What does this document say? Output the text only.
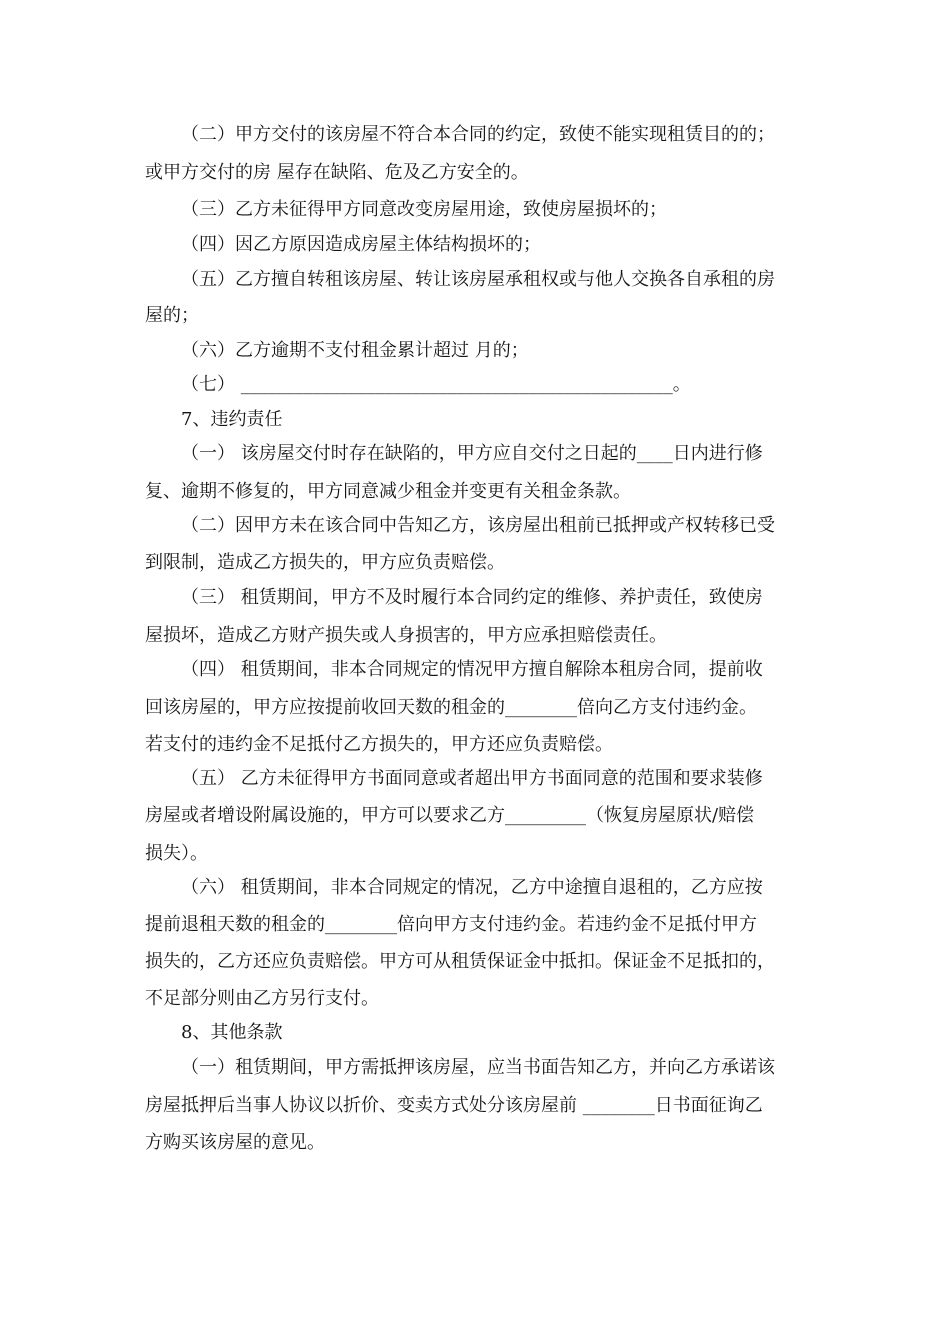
（二）甲方交付的该房屋不符合本合同的约定，致使不能实现租赁目的的；
或甲方交付的房 屋存在缺陷、危及乙方安全的。
（三）乙方未征得甲方同意改变房屋用途，致使房屋损坏的；
（四）因乙方原因造成房屋主体结构损坏的；
（五）乙方擅自转租该房屋、转让该房屋承租权或与他人交换各自承租的房
屋的；
（六）乙方逾期不支付租金累计超过 月的；
（七） ________________________________________________。
7、违约责任
（一） 该房屋交付时存在缺陷的，甲方应自交付之日起的____日内进行修
复、逾期不修复的，甲方同意减少租金并变更有关租金条款。
（二）因甲方未在该合同中告知乙方，该房屋出租前已抵押或产权转移已受
到限制，造成乙方损失的，甲方应负责赔偿。
（三） 租赁期间，甲方不及时履行本合同约定的维修、养护责任，致使房
屋损坏，造成乙方财产损失或人身损害的，甲方应承担赔偿责任。
（四） 租赁期间，非本合同规定的情况甲方擅自解除本租房合同，提前收
回该房屋的，甲方应按提前收回天数的租金的________倍向乙方支付违约金。
若支付的违约金不足抵付乙方损失的，甲方还应负责赔偿。
（五） 乙方未征得甲方书面同意或者超出甲方书面同意的范围和要求装修
房屋或者增设附属设施的，甲方可以要求乙方_________（恢复房屋原状/赔偿
损失）。
（六） 租赁期间，非本合同规定的情况，乙方中途擅自退租的，乙方应按
提前退租天数的租金的________倍向甲方支付违约金。若违约金不足抵付甲方
损失的，乙方还应负责赔偿。甲方可从租赁保证金中抵扣。保证金不足抵扣的，
不足部分则由乙方另行支付。
8、其他条款
（一）租赁期间，甲方需抵押该房屋，应当书面告知乙方，并向乙方承诺该
房屋抵押后当事人协议以折价、变卖方式处分该房屋前 ________日书面征询乙
方购买该房屋的意见。
